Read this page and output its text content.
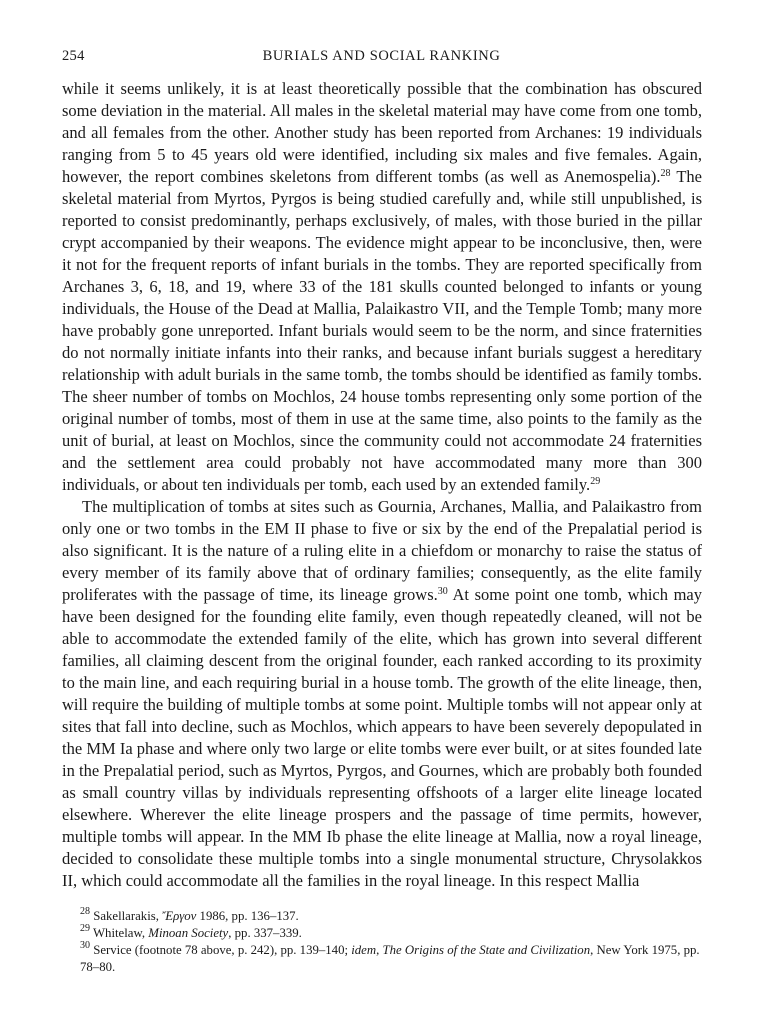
254	BURIALS AND SOCIAL RANKING

while it seems unlikely, it is at least theoretically possible that the combination has obscured some deviation in the material. All males in the skeletal material may have come from one tomb, and all females from the other. Another study has been reported from Archanes: 19 individuals ranging from 5 to 45 years old were identified, including six males and five females. Again, however, the report combines skeletons from different tombs (as well as Anemospelia).$^{28}$ The skeletal material from Myrtos, Pyrgos is being studied carefully and, while still unpublished, is reported to consist predominantly, perhaps exclusively, of males, with those buried in the pillar crypt accompanied by their weapons. The evidence might appear to be inconclusive, then, were it not for the frequent reports of infant burials in the tombs. They are reported specifically from Archanes 3, 6, 18, and 19, where 33 of the 181 skulls counted belonged to infants or young individuals, the House of the Dead at Mallia, Palaikastro VII, and the Temple Tomb; many more have probably gone unreported. Infant burials would seem to be the norm, and since fraternities do not normally initiate infants into their ranks, and because infant burials suggest a hereditary relationship with adult burials in the same tomb, the tombs should be identified as family tombs. The sheer number of tombs on Mochlos, 24 house tombs representing only some portion of the original number of tombs, most of them in use at the same time, also points to the family as the unit of burial, at least on Mochlos, since the community could not accommodate 24 fraternities and the settlement area could probably not have accommodated many more than 300 individuals, or about ten individuals per tomb, each used by an extended family.$^{29}$

The multiplication of tombs at sites such as Gournia, Archanes, Mallia, and Palaikastro from only one or two tombs in the EM II phase to five or six by the end of the Prepalatial period is also significant. It is the nature of a ruling elite in a chiefdom or monarchy to raise the status of every member of its family above that of ordinary families; consequently, as the elite family proliferates with the passage of time, its lineage grows.$^{30}$ At some point one tomb, which may have been designed for the founding elite family, even though repeatedly cleaned, will not be able to accommodate the extended family of the elite, which has grown into several different families, all claiming descent from the original founder, each ranked according to its proximity to the main line, and each requiring burial in a house tomb. The growth of the elite lineage, then, will require the building of multiple tombs at some point. Multiple tombs will not appear only at sites that fall into decline, such as Mochlos, which appears to have been severely depopulated in the MM Ia phase and where only two large or elite tombs were ever built, or at sites founded late in the Prepalatial period, such as Myrtos, Pyrgos, and Gournes, which are probably both founded as small country villas by individuals representing offshoots of a larger elite lineage located elsewhere. Wherever the elite lineage prospers and the passage of time permits, however, multiple tombs will appear. In the MM Ib phase the elite lineage at Mallia, now a royal lineage, decided to consolidate these multiple tombs into a single monumental structure, Chrysolakkos II, which could accommodate all the families in the royal lineage. In this respect Mallia

$^{28}$ Sakellarakis, Ἔργον 1986, pp. 136–137.
$^{29}$ Whitelaw, Minoan Society, pp. 337–339.
$^{30}$ Service (footnote 78 above, p. 242), pp. 139–140; idem, The Origins of the State and Civilization, New York 1975, pp. 78–80.
